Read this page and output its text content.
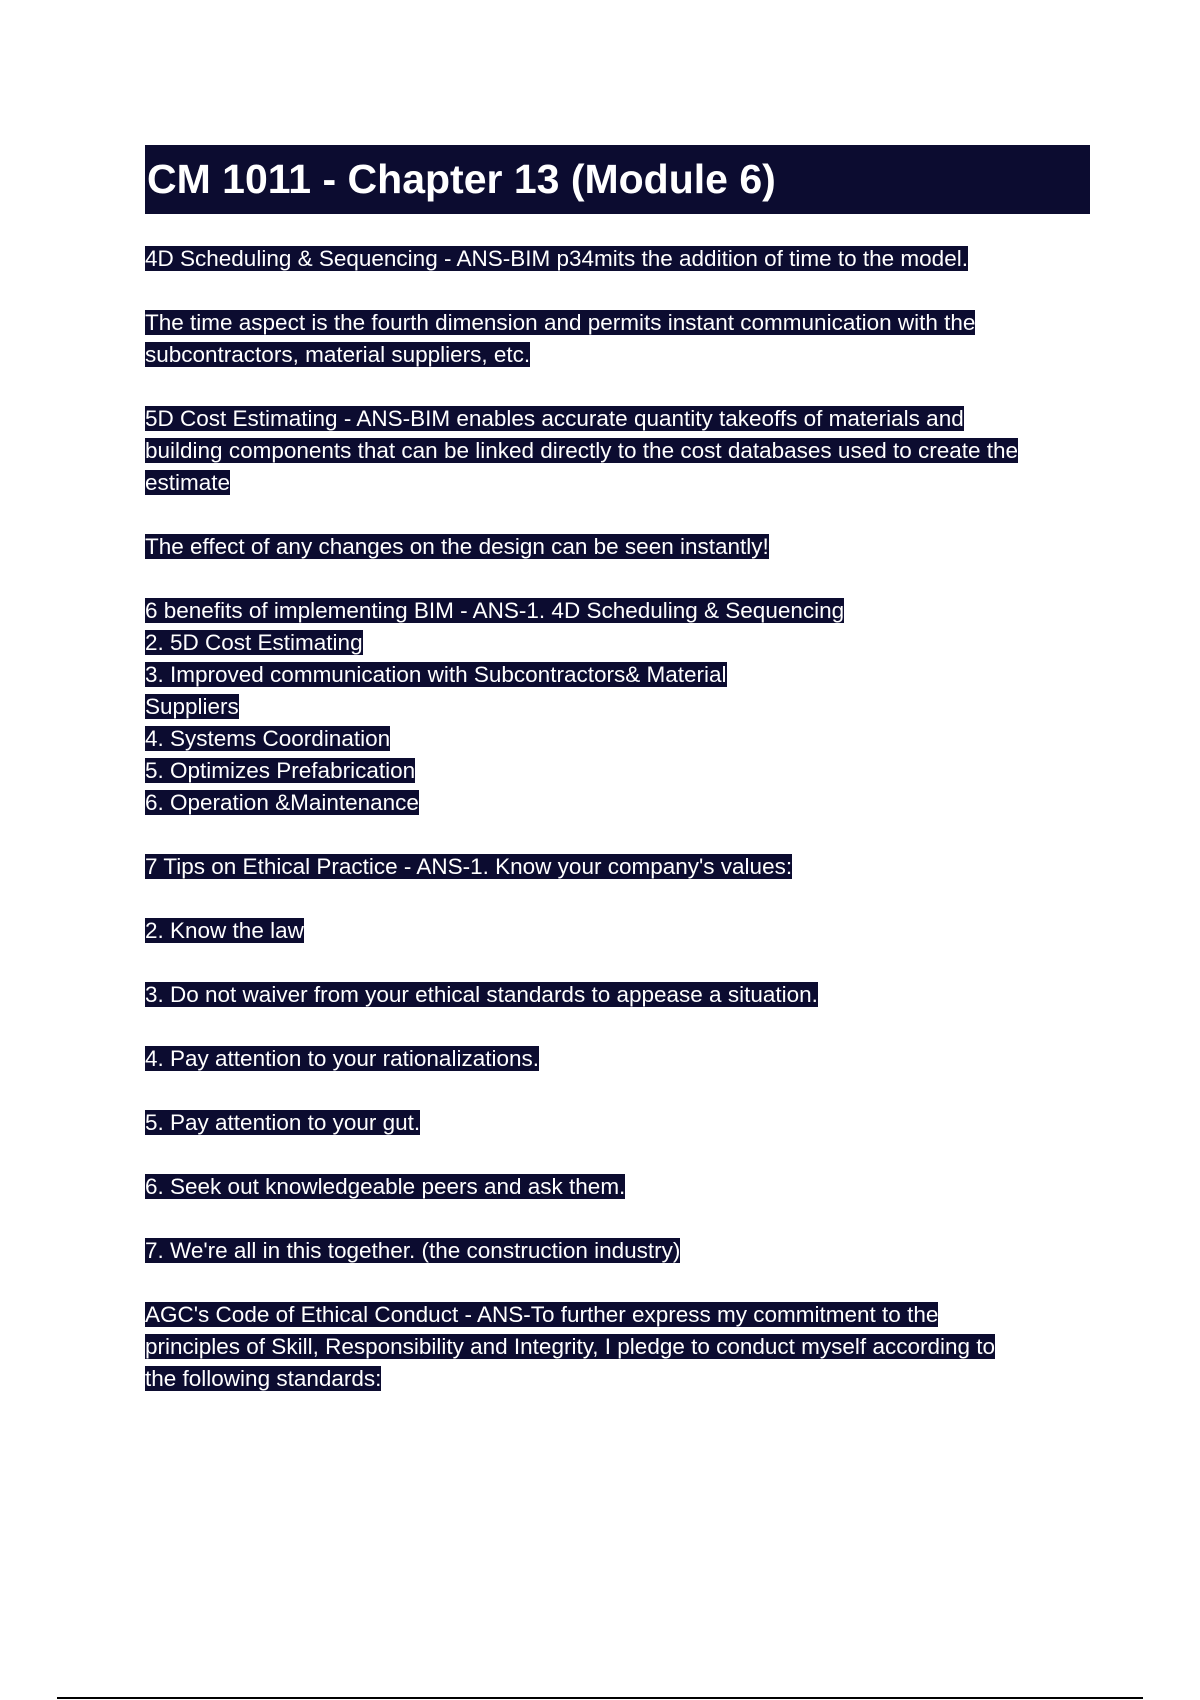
CM 1011 - Chapter 13 (Module 6)
4D Scheduling & Sequencing - ANS-BIM p34mits the addition of time to the model.
The time aspect is the fourth dimension and permits instant communication with the
subcontractors, material suppliers, etc.
5D Cost Estimating - ANS-BIM enables accurate quantity takeoffs of materials and
building components that can be linked directly to the cost databases used to create the
estimate
The effect of any changes on the design can be seen instantly!
6 benefits of implementing BIM - ANS-1. 4D Scheduling & Sequencing
2. 5D Cost Estimating
3. Improved communication with Subcontractors& Material
Suppliers
4. Systems Coordination
5. Optimizes Prefabrication
6. Operation &Maintenance
7 Tips on Ethical Practice - ANS-1. Know your company's values:
2. Know the law
3. Do not waiver from your ethical standards to appease a situation.
4. Pay attention to your rationalizations.
5. Pay attention to your gut.
6. Seek out knowledgeable peers and ask them.
7. We're all in this together. (the construction industry)
AGC's Code of Ethical Conduct - ANS-To further express my commitment to the
principles of Skill, Responsibility and Integrity, I pledge to conduct myself according to
the following standards:
